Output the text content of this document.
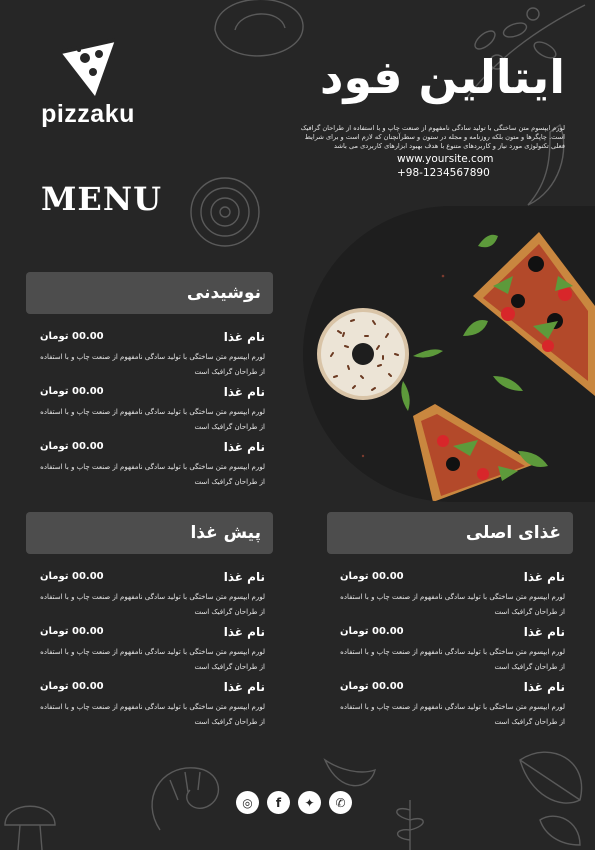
pizzaku
ایتالین فود
لورم ایپسوم متن ساختگی با تولید سادگی نامفهوم از صنعت چاپ و با استفاده از طراحان گرافیک است. چاپگرها و متون بلکه روزنامه و مجله در ستون و سطرآنچنان که لازم است و برای شرایط فعلی تکنولوژی مورد نیاز و کاربردهای متنوع با هدف بهبود ابزارهای کاربردی می باشد
www.yoursite.com
+98-1234567890
MENU
نوشیدنی
نام غذا
00.00 تومان
لورم ایپسوم متن ساختگی با تولید سادگی نامفهوم از صنعت چاپ و با استفاده از طراحان گرافیک است
نام غذا
00.00 تومان
لورم ایپسوم متن ساختگی با تولید سادگی نامفهوم از صنعت چاپ و با استفاده از طراحان گرافیک است
نام غذا
00.00 تومان
لورم ایپسوم متن ساختگی با تولید سادگی نامفهوم از صنعت چاپ و با استفاده از طراحان گرافیک است
پیش غذا
نام غذا
00.00 تومان
لورم ایپسوم متن ساختگی با تولید سادگی نامفهوم از صنعت چاپ و با استفاده از طراحان گرافیک است
نام غذا
00.00 تومان
لورم ایپسوم متن ساختگی با تولید سادگی نامفهوم از صنعت چاپ و با استفاده از طراحان گرافیک است
نام غذا
00.00 تومان
لورم ایپسوم متن ساختگی با تولید سادگی نامفهوم از صنعت چاپ و با استفاده از طراحان گرافیک است
غذای اصلی
نام غذا
00.00 تومان
لورم ایپسوم متن ساختگی با تولید سادگی نامفهوم از صنعت چاپ و با استفاده از طراحان گرافیک است
نام غذا
00.00 تومان
لورم ایپسوم متن ساختگی با تولید سادگی نامفهوم از صنعت چاپ و با استفاده از طراحان گرافیک است
نام غذا
00.00 تومان
لورم ایپسوم متن ساختگی با تولید سادگی نامفهوم از صنعت چاپ و با استفاده از طراحان گرافیک است
◎	f	✦	✆
